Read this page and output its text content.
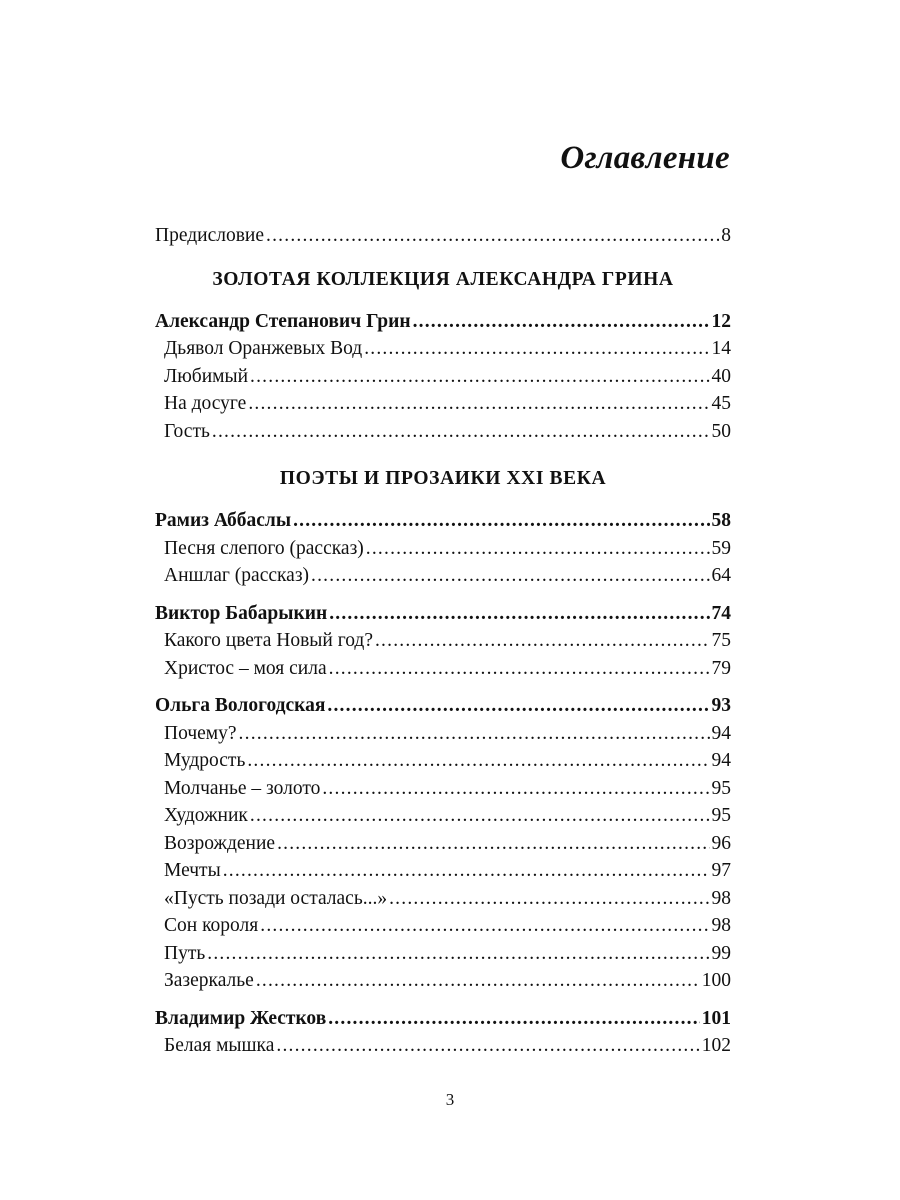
Оглавление
Предисловие .....	8
ЗОЛОТАЯ КОЛЛЕКЦИЯ АЛЕКСАНДРА ГРИНА
Александр Степанович Грин .....	12
Дьявол Оранжевых Вод .....	14
Любимый .....	40
На досуге .....	45
Гость .....	50
ПОЭТЫ И ПРОЗАИКИ XXI ВЕКА
Рамиз Аббаслы .....	58
Песня слепого (рассказ) .....	59
Аншлаг (рассказ) .....	64
Виктор Бабарыкин .....	74
Какого цвета Новый год? .....	75
Христос – моя сила .....	79
Ольга Вологодская .....	93
Почему? .....	94
Мудрость .....	94
Молчанье – золото .....	95
Художник .....	95
Возрождение .....	96
Мечты .....	97
«Пусть позади осталась...» .....	98
Сон короля .....	98
Путь .....	99
Зазеркалье .....	100
Владимир Жестков .....	101
Белая мышка .....	102
3
